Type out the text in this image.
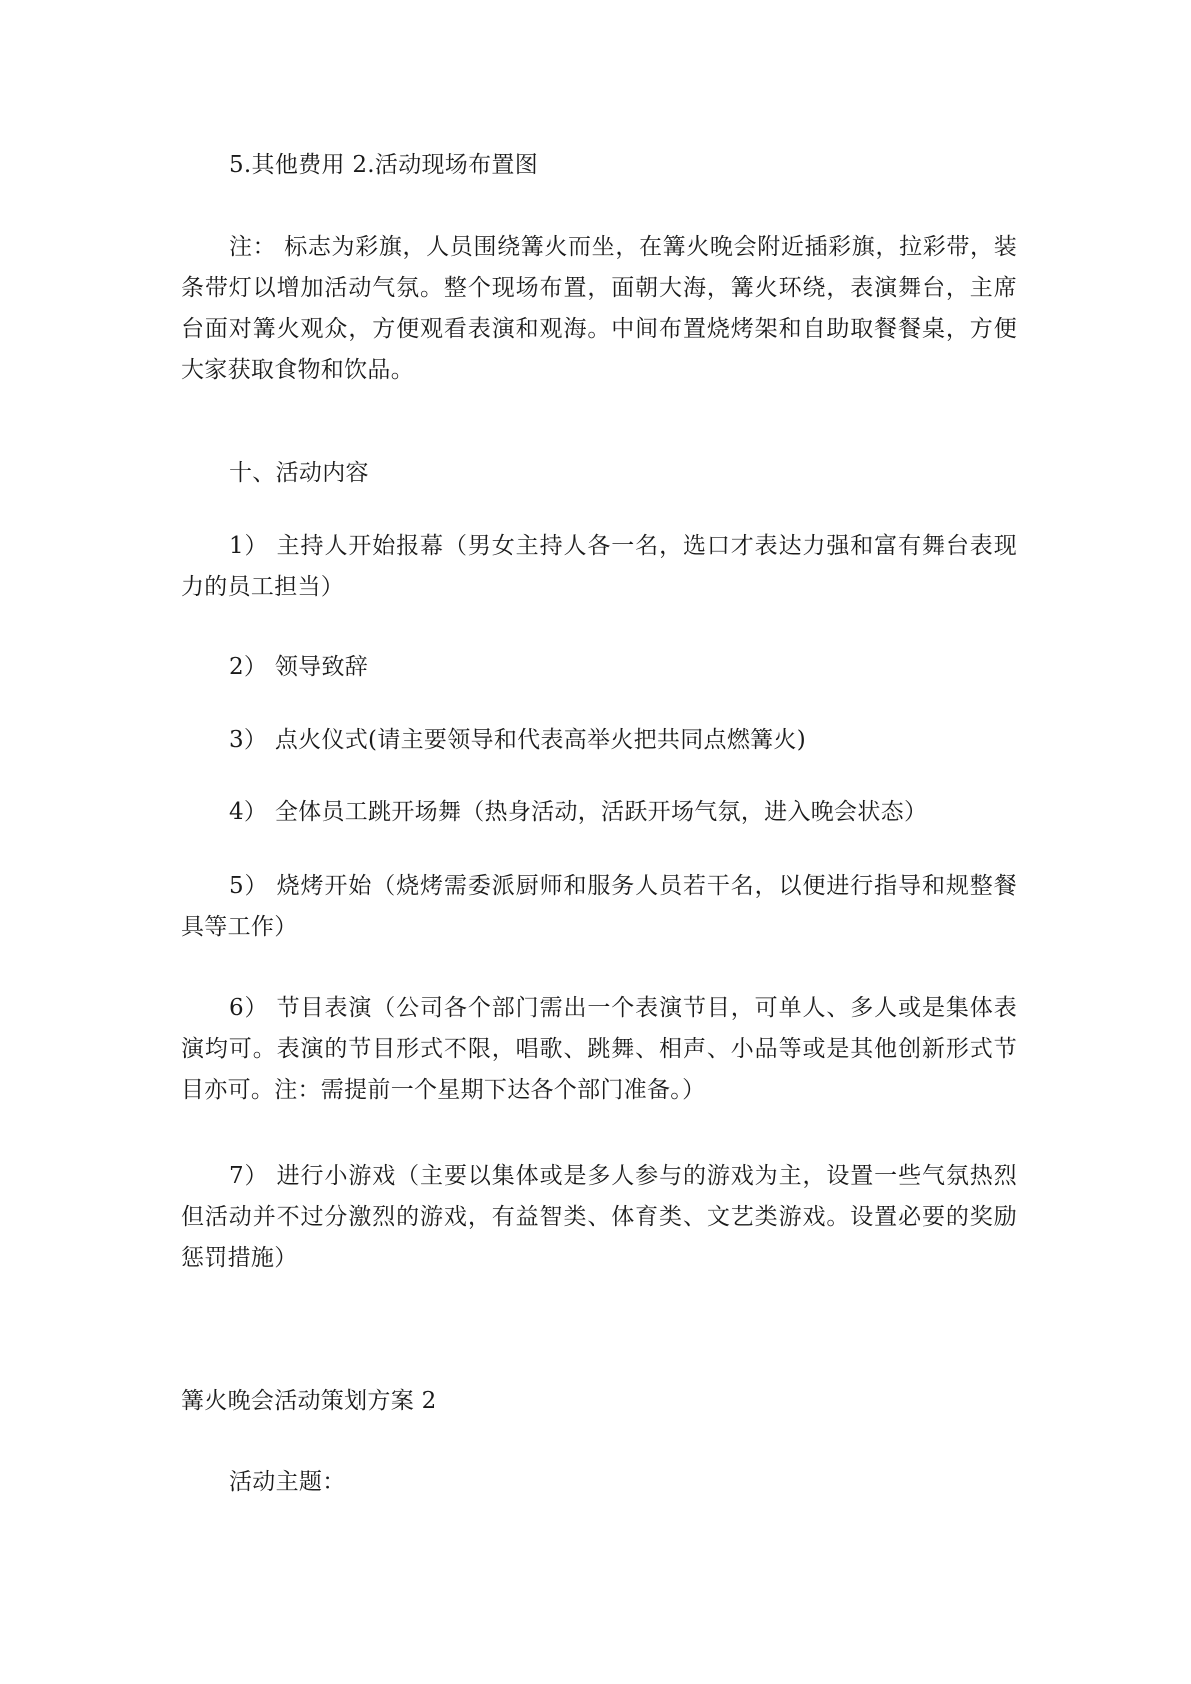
5.其他费用 2.活动现场布置图

注： 标志为彩旗，人员围绕篝火而坐，在篝火晚会附近插彩旗，拉彩带，装条带灯以增加活动气氛。整个现场布置，面朝大海，篝火环绕，表演舞台，主席台面对篝火观众，方便观看表演和观海。中间布置烧烤架和自助取餐餐桌，方便大家获取食物和饮品。

十、活动内容

1） 主持人开始报幕（男女主持人各一名，选口才表达力强和富有舞台表现力的员工担当）

2） 领导致辞

3） 点火仪式(请主要领导和代表高举火把共同点燃篝火)

4） 全体员工跳开场舞（热身活动，活跃开场气氛，进入晚会状态）

5） 烧烤开始（烧烤需委派厨师和服务人员若干名，以便进行指导和规整餐具等工作）

6） 节目表演（公司各个部门需出一个表演节目，可单人、多人或是集体表演均可。表演的节目形式不限，唱歌、跳舞、相声、小品等或是其他创新形式节目亦可。注：需提前一个星期下达各个部门准备。）

7） 进行小游戏（主要以集体或是多人参与的游戏为主，设置一些气氛热烈但活动并不过分激烈的游戏，有益智类、体育类、文艺类游戏。设置必要的奖励惩罚措施）

篝火晚会活动策划方案 2

活动主题：
